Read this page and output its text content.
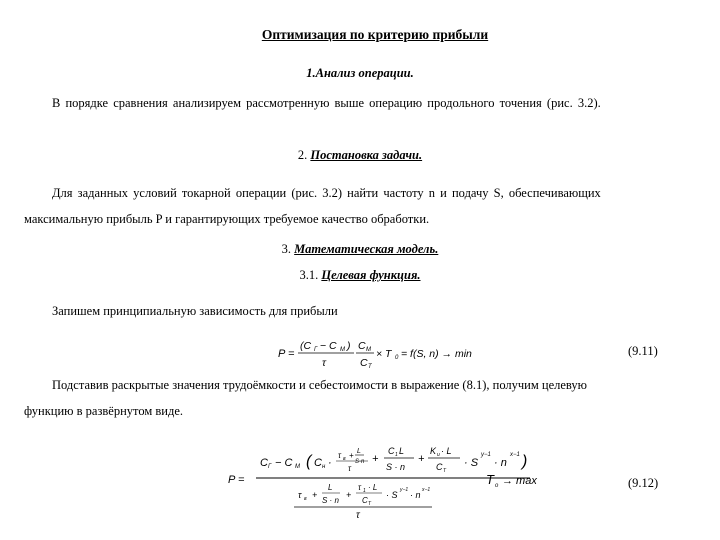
Оптимизация по критерию прибыли
1.Анализ операции.
В порядке сравнения анализируем рассмотренную выше операцию продольного точения (рис. 3.2).
2. Постановка задачи.
Для заданных условий токарной операции (рис. 3.2) найти частоту n и подачу S, обеспечивающих
максимальную прибыль P и гарантирующих требуемое качество обработки.
3. Математическая модель.
3.1. Целевая функция.
Запишем принципиальную зависимость для прибыли
P =
(C Г − C M ) C M
τ	C T
× T 0 = f(S, n) → min	(9.11)
Подставив раскрытые значения трудоёмкости и себестоимости в выражение (8.1), получим целевую
функцию в развёрнутом виде.
P =
C Г − C M ( C н ·
τ в + L
S·n
τ
+
C 1 L
S · n
+
K и · L
C T
· S
y−1
· n
x−1 )
τ в +
L
S · n
+
τ 1 · L
C T
· S y−1 · n x−1
τ
T o → max	(9.12)
